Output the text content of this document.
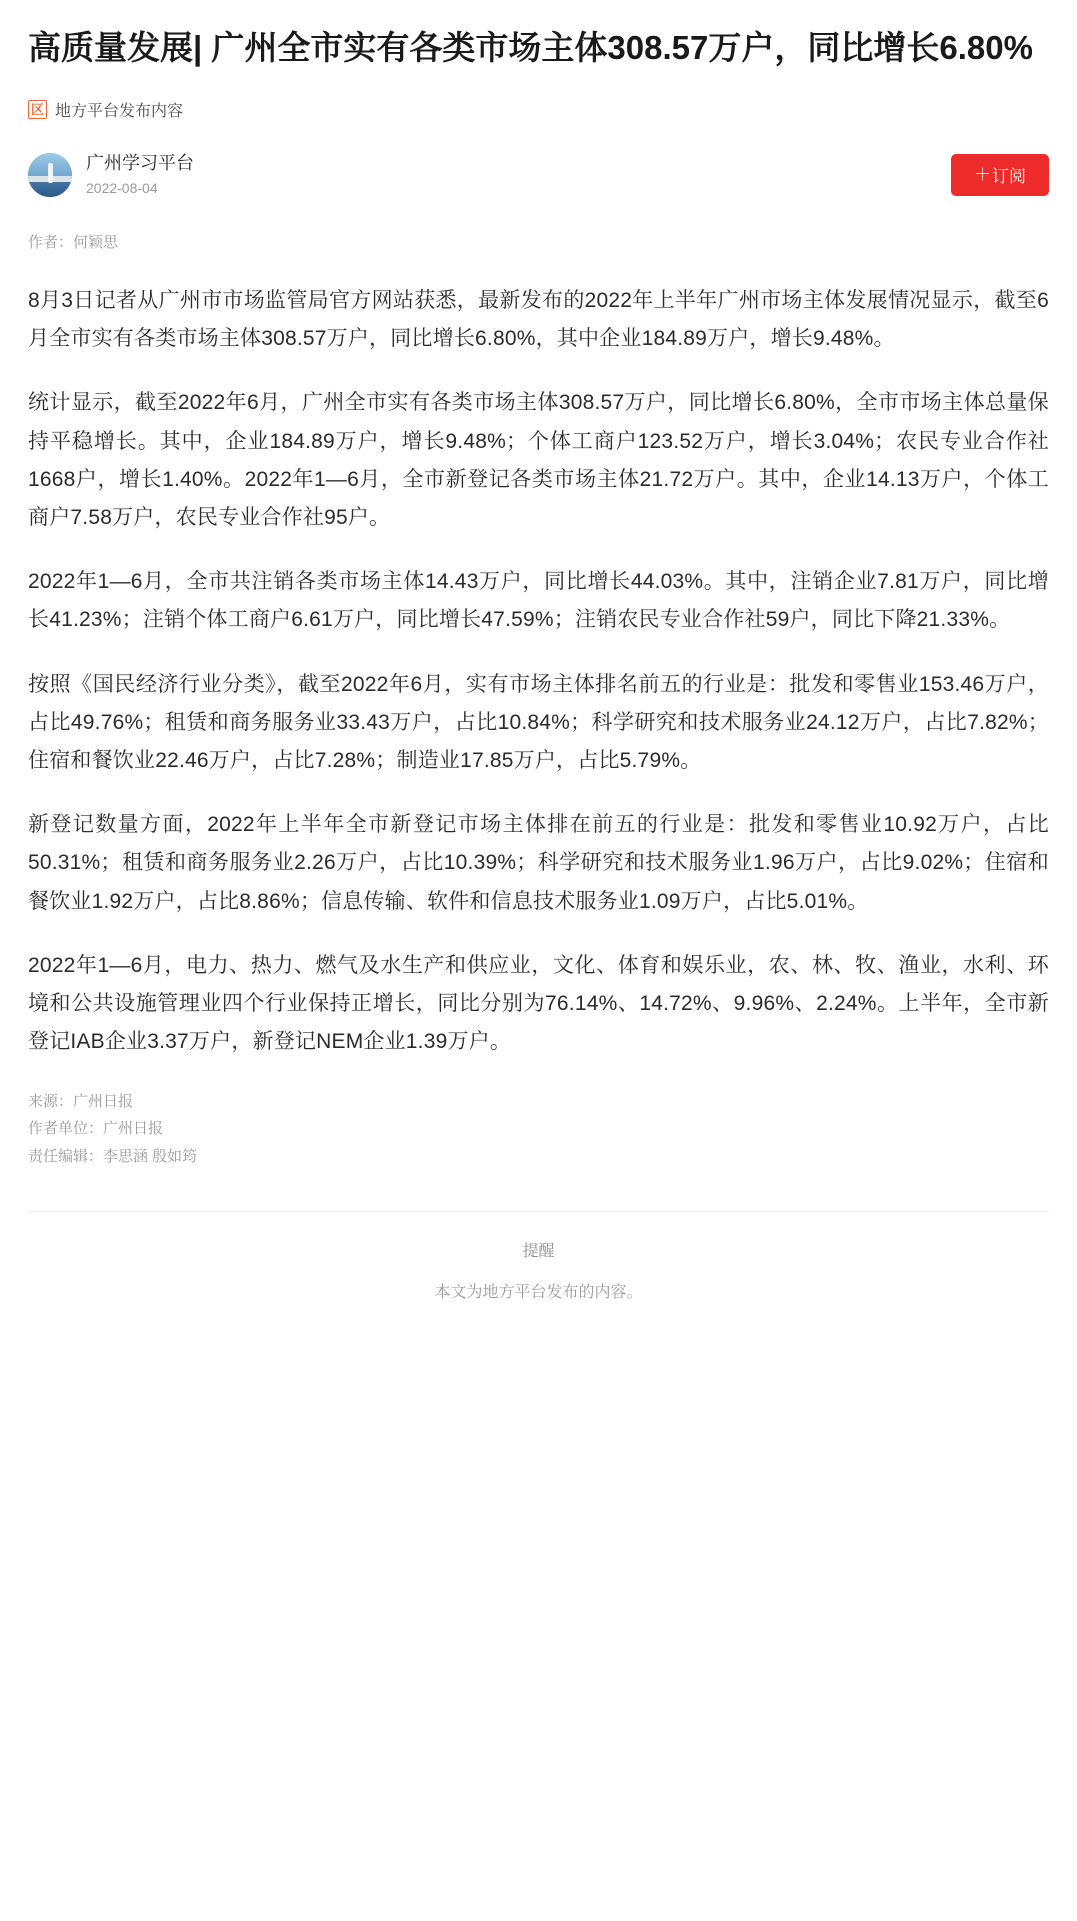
高质量发展| 广州全市实有各类市场主体308.57万户，同比增长6.80%
区 地方平台发布内容
广州学习平台
2022-08-04
＋ 订阅
作者：何颖思

8月3日记者从广州市市场监管局官方网站获悉，最新发布的2022年上半年广州市场主体发展情况显示，截至6月全市实有各类市场主体308.57万户，同比增长6.80%，其中企业184.89万户，增长9.48%。

统计显示，截至2022年6月，广州全市实有各类市场主体308.57万户，同比增长6.80%，全市市场主体总量保持平稳增长。其中，企业184.89万户，增长9.48%；个体工商户123.52万户，增长3.04%；农民专业合作社1668户，增长1.40%。2022年1—6月，全市新登记各类市场主体21.72万户。其中，企业14.13万户，个体工商户7.58万户，农民专业合作社95户。

2022年1—6月，全市共注销各类市场主体14.43万户，同比增长44.03%。其中，注销企业7.81万户，同比增长41.23%；注销个体工商户6.61万户，同比增长47.59%；注销农民专业合作社59户，同比下降21.33%。

按照《国民经济行业分类》，截至2022年6月，实有市场主体排名前五的行业是：批发和零售业153.46万户，占比49.76%；租赁和商务服务业33.43万户，占比10.84%；科学研究和技术服务业24.12万户，占比7.82%；住宿和餐饮业22.46万户，占比7.28%；制造业17.85万户，占比5.79%。

新登记数量方面，2022年上半年全市新登记市场主体排在前五的行业是：批发和零售业10.92万户，占比50.31%；租赁和商务服务业2.26万户，占比10.39%；科学研究和技术服务业1.96万户，占比9.02%；住宿和餐饮业1.92万户，占比8.86%；信息传输、软件和信息技术服务业1.09万户，占比5.01%。

2022年1—6月，电力、热力、燃气及水生产和供应业，文化、体育和娱乐业，农、林、牧、渔业，水利、环境和公共设施管理业四个行业保持正增长，同比分别为76.14%、14.72%、9.96%、2.24%。上半年，全市新登记IAB企业3.37万户，新登记NEM企业1.39万户。

来源：广州日报
作者单位：广州日报
责任编辑：李思涵 殷如筠
提醒
本文为地方平台发布的内容。
